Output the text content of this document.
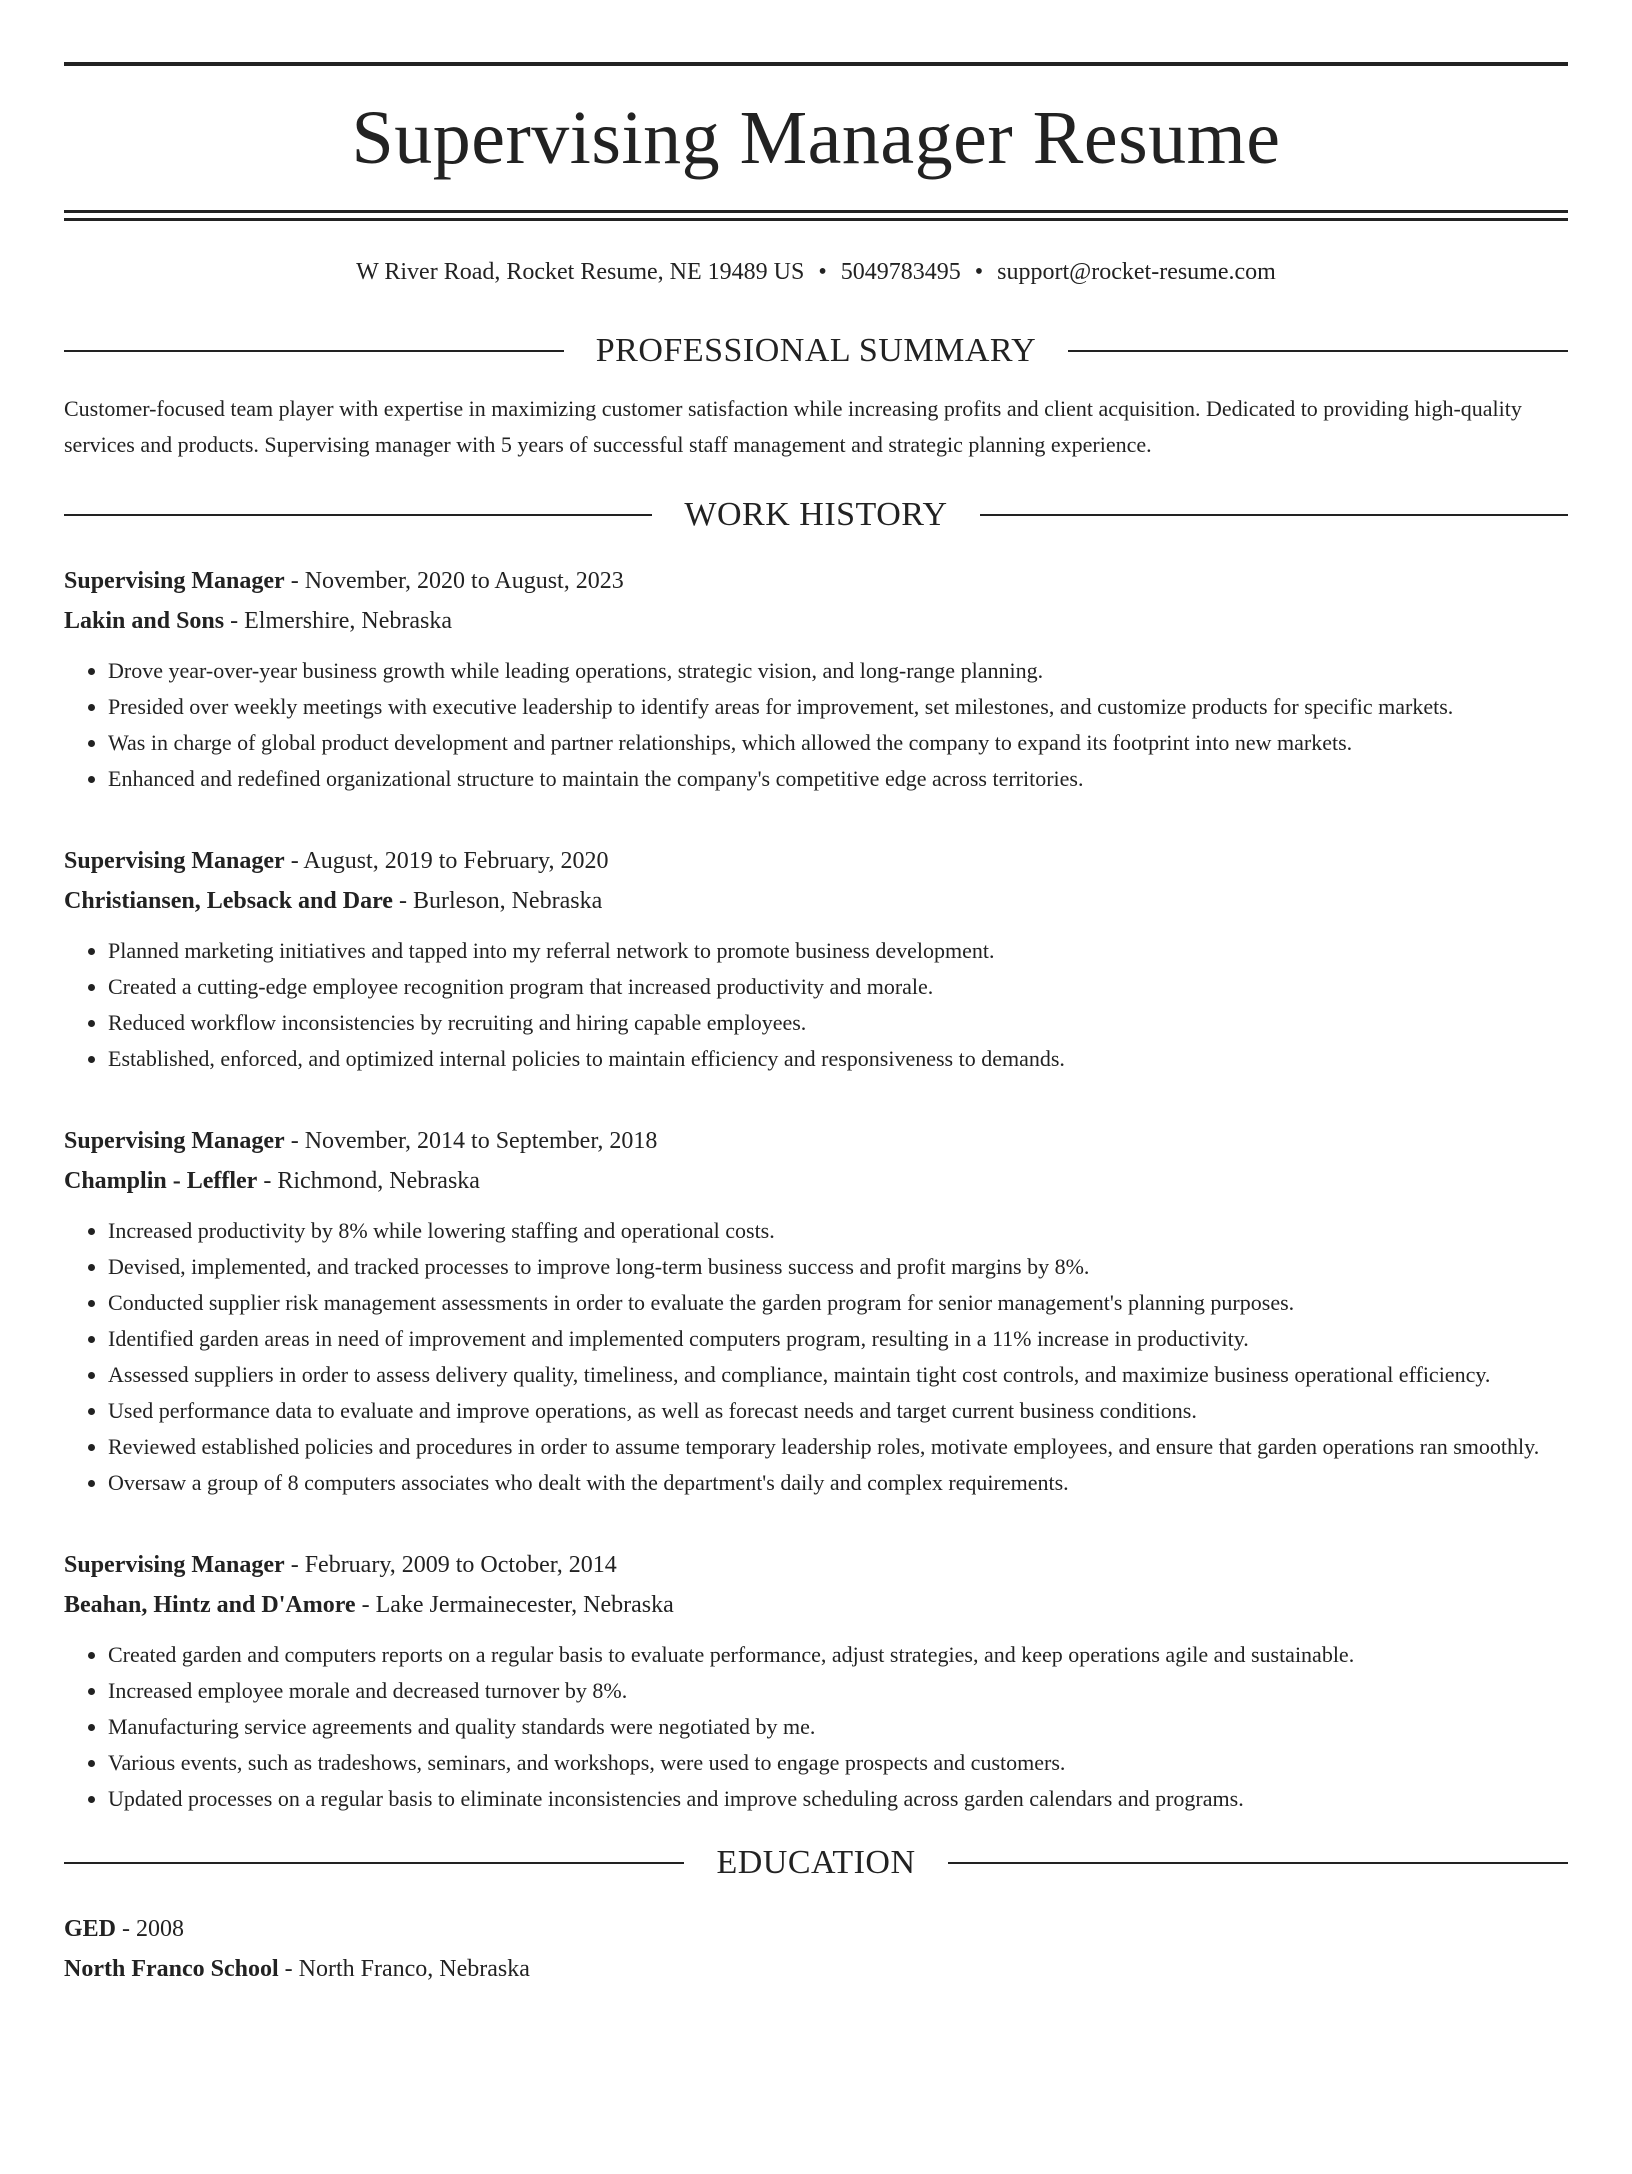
Supervising Manager Resume
W River Road, Rocket Resume, NE 19489 US • 5049783495 • support@rocket-resume.com
PROFESSIONAL SUMMARY
Customer-focused team player with expertise in maximizing customer satisfaction while increasing profits and client acquisition. Dedicated to providing high-quality services and products. Supervising manager with 5 years of successful staff management and strategic planning experience.
WORK HISTORY
Supervising Manager - November, 2020 to August, 2023
Lakin and Sons - Elmershire, Nebraska
• Drove year-over-year business growth while leading operations, strategic vision, and long-range planning.
• Presided over weekly meetings with executive leadership to identify areas for improvement, set milestones, and customize products for specific markets.
• Was in charge of global product development and partner relationships, which allowed the company to expand its footprint into new markets.
• Enhanced and redefined organizational structure to maintain the company's competitive edge across territories.
Supervising Manager - August, 2019 to February, 2020
Christiansen, Lebsack and Dare - Burleson, Nebraska
• Planned marketing initiatives and tapped into my referral network to promote business development.
• Created a cutting-edge employee recognition program that increased productivity and morale.
• Reduced workflow inconsistencies by recruiting and hiring capable employees.
• Established, enforced, and optimized internal policies to maintain efficiency and responsiveness to demands.
Supervising Manager - November, 2014 to September, 2018
Champlin - Leffler - Richmond, Nebraska
• Increased productivity by 8% while lowering staffing and operational costs.
• Devised, implemented, and tracked processes to improve long-term business success and profit margins by 8%.
• Conducted supplier risk management assessments in order to evaluate the garden program for senior management's planning purposes.
• Identified garden areas in need of improvement and implemented computers program, resulting in a 11% increase in productivity.
• Assessed suppliers in order to assess delivery quality, timeliness, and compliance, maintain tight cost controls, and maximize business operational efficiency.
• Used performance data to evaluate and improve operations, as well as forecast needs and target current business conditions.
• Reviewed established policies and procedures in order to assume temporary leadership roles, motivate employees, and ensure that garden operations ran smoothly.
• Oversaw a group of 8 computers associates who dealt with the department's daily and complex requirements.
Supervising Manager - February, 2009 to October, 2014
Beahan, Hintz and D'Amore - Lake Jermainecester, Nebraska
• Created garden and computers reports on a regular basis to evaluate performance, adjust strategies, and keep operations agile and sustainable.
• Increased employee morale and decreased turnover by 8%.
• Manufacturing service agreements and quality standards were negotiated by me.
• Various events, such as tradeshows, seminars, and workshops, were used to engage prospects and customers.
• Updated processes on a regular basis to eliminate inconsistencies and improve scheduling across garden calendars and programs.
EDUCATION
GED - 2008
North Franco School - North Franco, Nebraska
